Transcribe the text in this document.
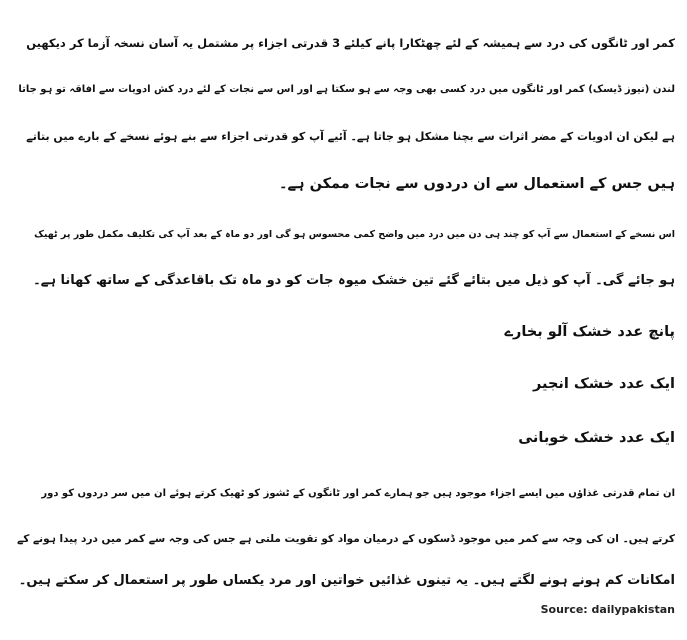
کمر اور ٹانگوں کی درد سے ہمیشہ کے لئے چھٹکارا پانے کیلئے 3 قدرتی اجزاء پر مشتمل یہ آسان نسخہ آزما کر دیکھیں
لندن (نیوز ڈیسک) کمر اور ٹانگوں میں درد کسی بھی وجہ سے ہو سکتا ہے اور اس سے نجات کے لئے درد کش ادویات سے افاقہ تو ہو جاتا
ہے لیکن ان ادویات کے مضر اثرات سے بچنا مشکل ہو جاتا ہے۔ آئیے آپ کو قدرتی اجزاء سے بنے ہوئے نسخے کے بارے میں بتاتے
ہیں جس کے استعمال سے ان دردوں سے نجات ممکن ہے۔
اس نسخے کے استعمال سے آپ کو چند ہی دن میں درد میں واضح کمی محسوس ہو گی اور دو ماہ کے بعد آپ کی تکلیف مکمل طور پر ٹھیک
ہو جائے گی۔ آپ کو ذیل میں بتائے گئے تین خشک میوہ جات کو دو ماہ تک باقاعدگی کے ساتھ کھانا ہے۔
پانچ عدد خشک آلو بخارے
ایک عدد خشک انجیر
ایک عدد خشک خوبانی
ان تمام قدرتی غذاؤں میں ایسے اجزاء موجود ہیں جو ہمارے کمر اور ٹانگوں کے ٹشوز کو ٹھیک کرتے ہوئے ان میں سر دردوں کو دور
کرتے ہیں۔ ان کی وجہ سے کمر میں موجود ڈسکوں کے درمیان مواد کو تقویت ملتی ہے جس کی وجہ سے کمر میں درد پیدا ہونے کے
امکانات کم ہونے ہونے لگتے ہیں۔ یہ تینوں غذائیں خواتین اور مرد یکساں طور پر استعمال کر سکتے ہیں۔
Source: dailypakistan
